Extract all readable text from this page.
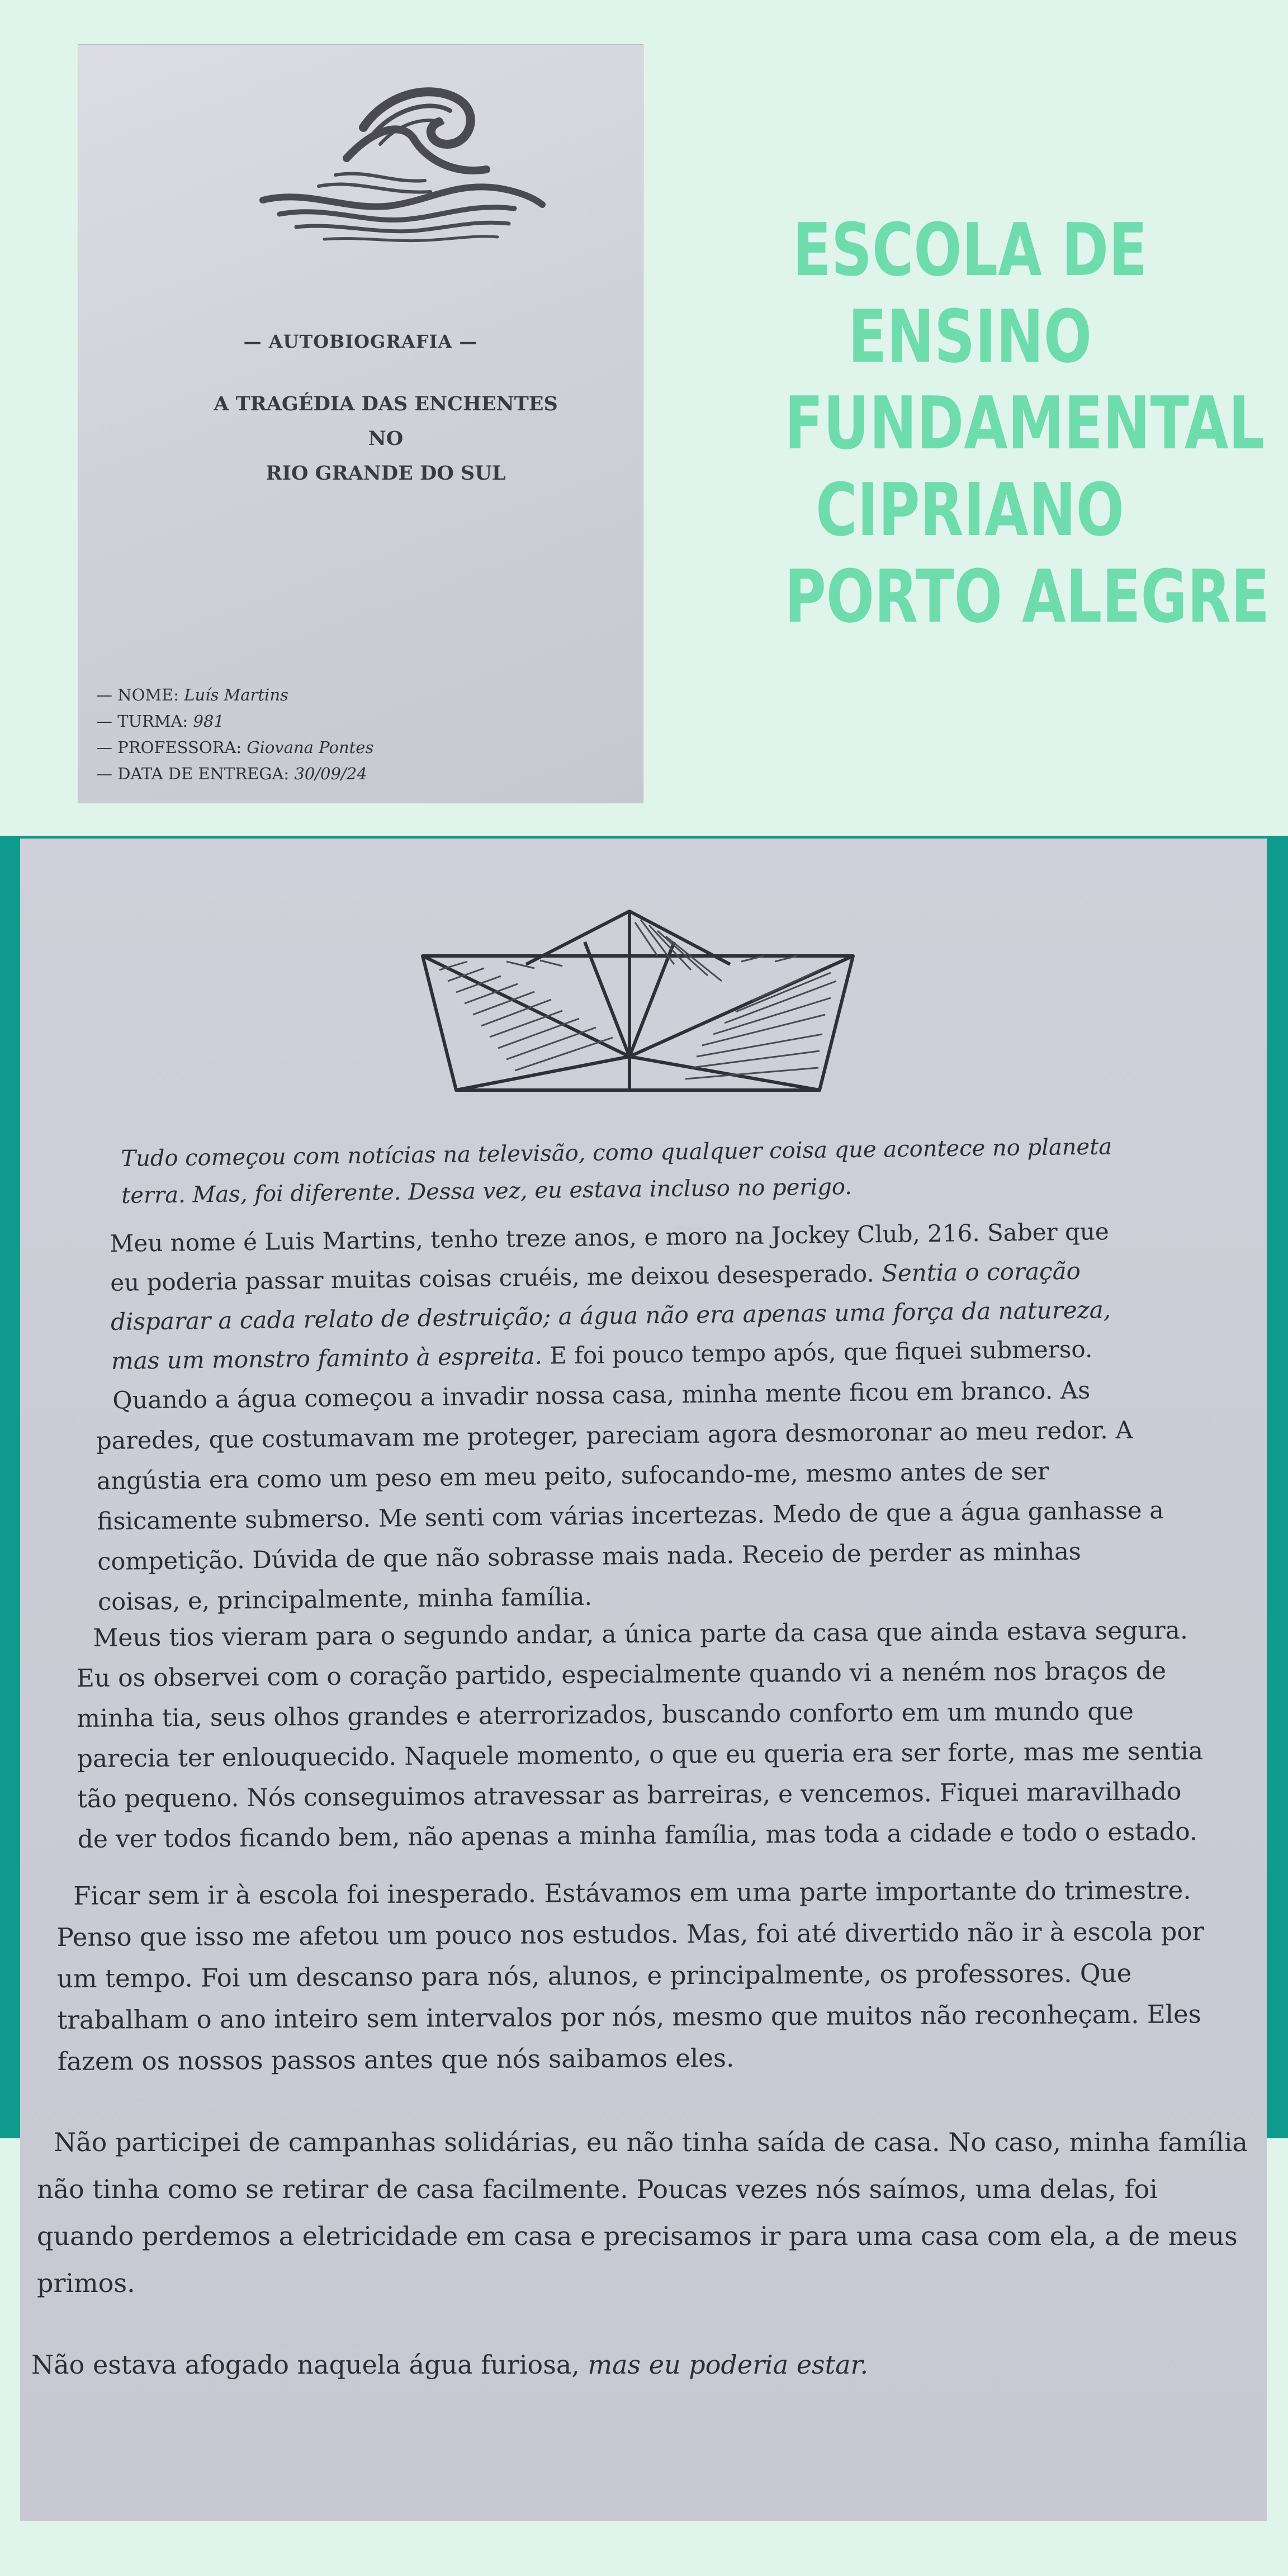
— AUTOBIOGRAFIA —
A TRAGÉDIA DAS ENCHENTES NO
RIO GRANDE DO SUL
— NOME: Luís Martins
— TURMA: 981
— PROFESSORA: Giovana Pontes
— DATA DE ENTREGA: 30/09/24
ESCOLA DE
ENSINO
FUNDAMENTAL
CIPRIANO
PORTO ALEGRE

Tudo começou com notícias na televisão, como qualquer coisa que acontece no planeta terra. Mas, foi diferente. Dessa vez, eu estava incluso no perigo.

Meu nome é Luis Martins, tenho treze anos, e moro na Jockey Club, 216. Saber que eu poderia passar muitas coisas cruéis, me deixou desesperado. Sentia o coração disparar a cada relato de destruição; a água não era apenas uma força da natureza, mas um monstro faminto à espreita. E foi pouco tempo após, que fiquei submerso.

Quando a água começou a invadir nossa casa, minha mente ficou em branco. As paredes, que costumavam me proteger, pareciam agora desmoronar ao meu redor. A angústia era como um peso em meu peito, sufocando-me, mesmo antes de ser fisicamente submerso. Me senti com várias incertezas. Medo de que a água ganhasse a competição. Dúvida de que não sobrasse mais nada. Receio de perder as minhas coisas, e, principalmente, minha família.

Meus tios vieram para o segundo andar, a única parte da casa que ainda estava segura. Eu os observei com o coração partido, especialmente quando vi a neném nos braços de minha tia, seus olhos grandes e aterrorizados, buscando conforto em um mundo que parecia ter enlouquecido. Naquele momento, o que eu queria era ser forte, mas me sentia tão pequeno. Nós conseguimos atravessar as barreiras, e vencemos. Fiquei maravilhado de ver todos ficando bem, não apenas a minha família, mas toda a cidade e todo o estado.

Ficar sem ir à escola foi inesperado. Estávamos em uma parte importante do trimestre. Penso que isso me afetou um pouco nos estudos. Mas, foi até divertido não ir à escola por um tempo. Foi um descanso para nós, alunos, e principalmente, os professores. Que trabalham o ano inteiro sem intervalos por nós, mesmo que muitos não reconheçam. Eles fazem os nossos passos antes que nós saibamos eles.

Não participei de campanhas solidárias, eu não tinha saída de casa. No caso, minha família não tinha como se retirar de casa facilmente. Poucas vezes nós saímos, uma delas, foi quando perdemos a eletricidade em casa e precisamos ir para uma casa com ela, a de meus primos.

Não estava afogado naquela água furiosa, mas eu poderia estar.
